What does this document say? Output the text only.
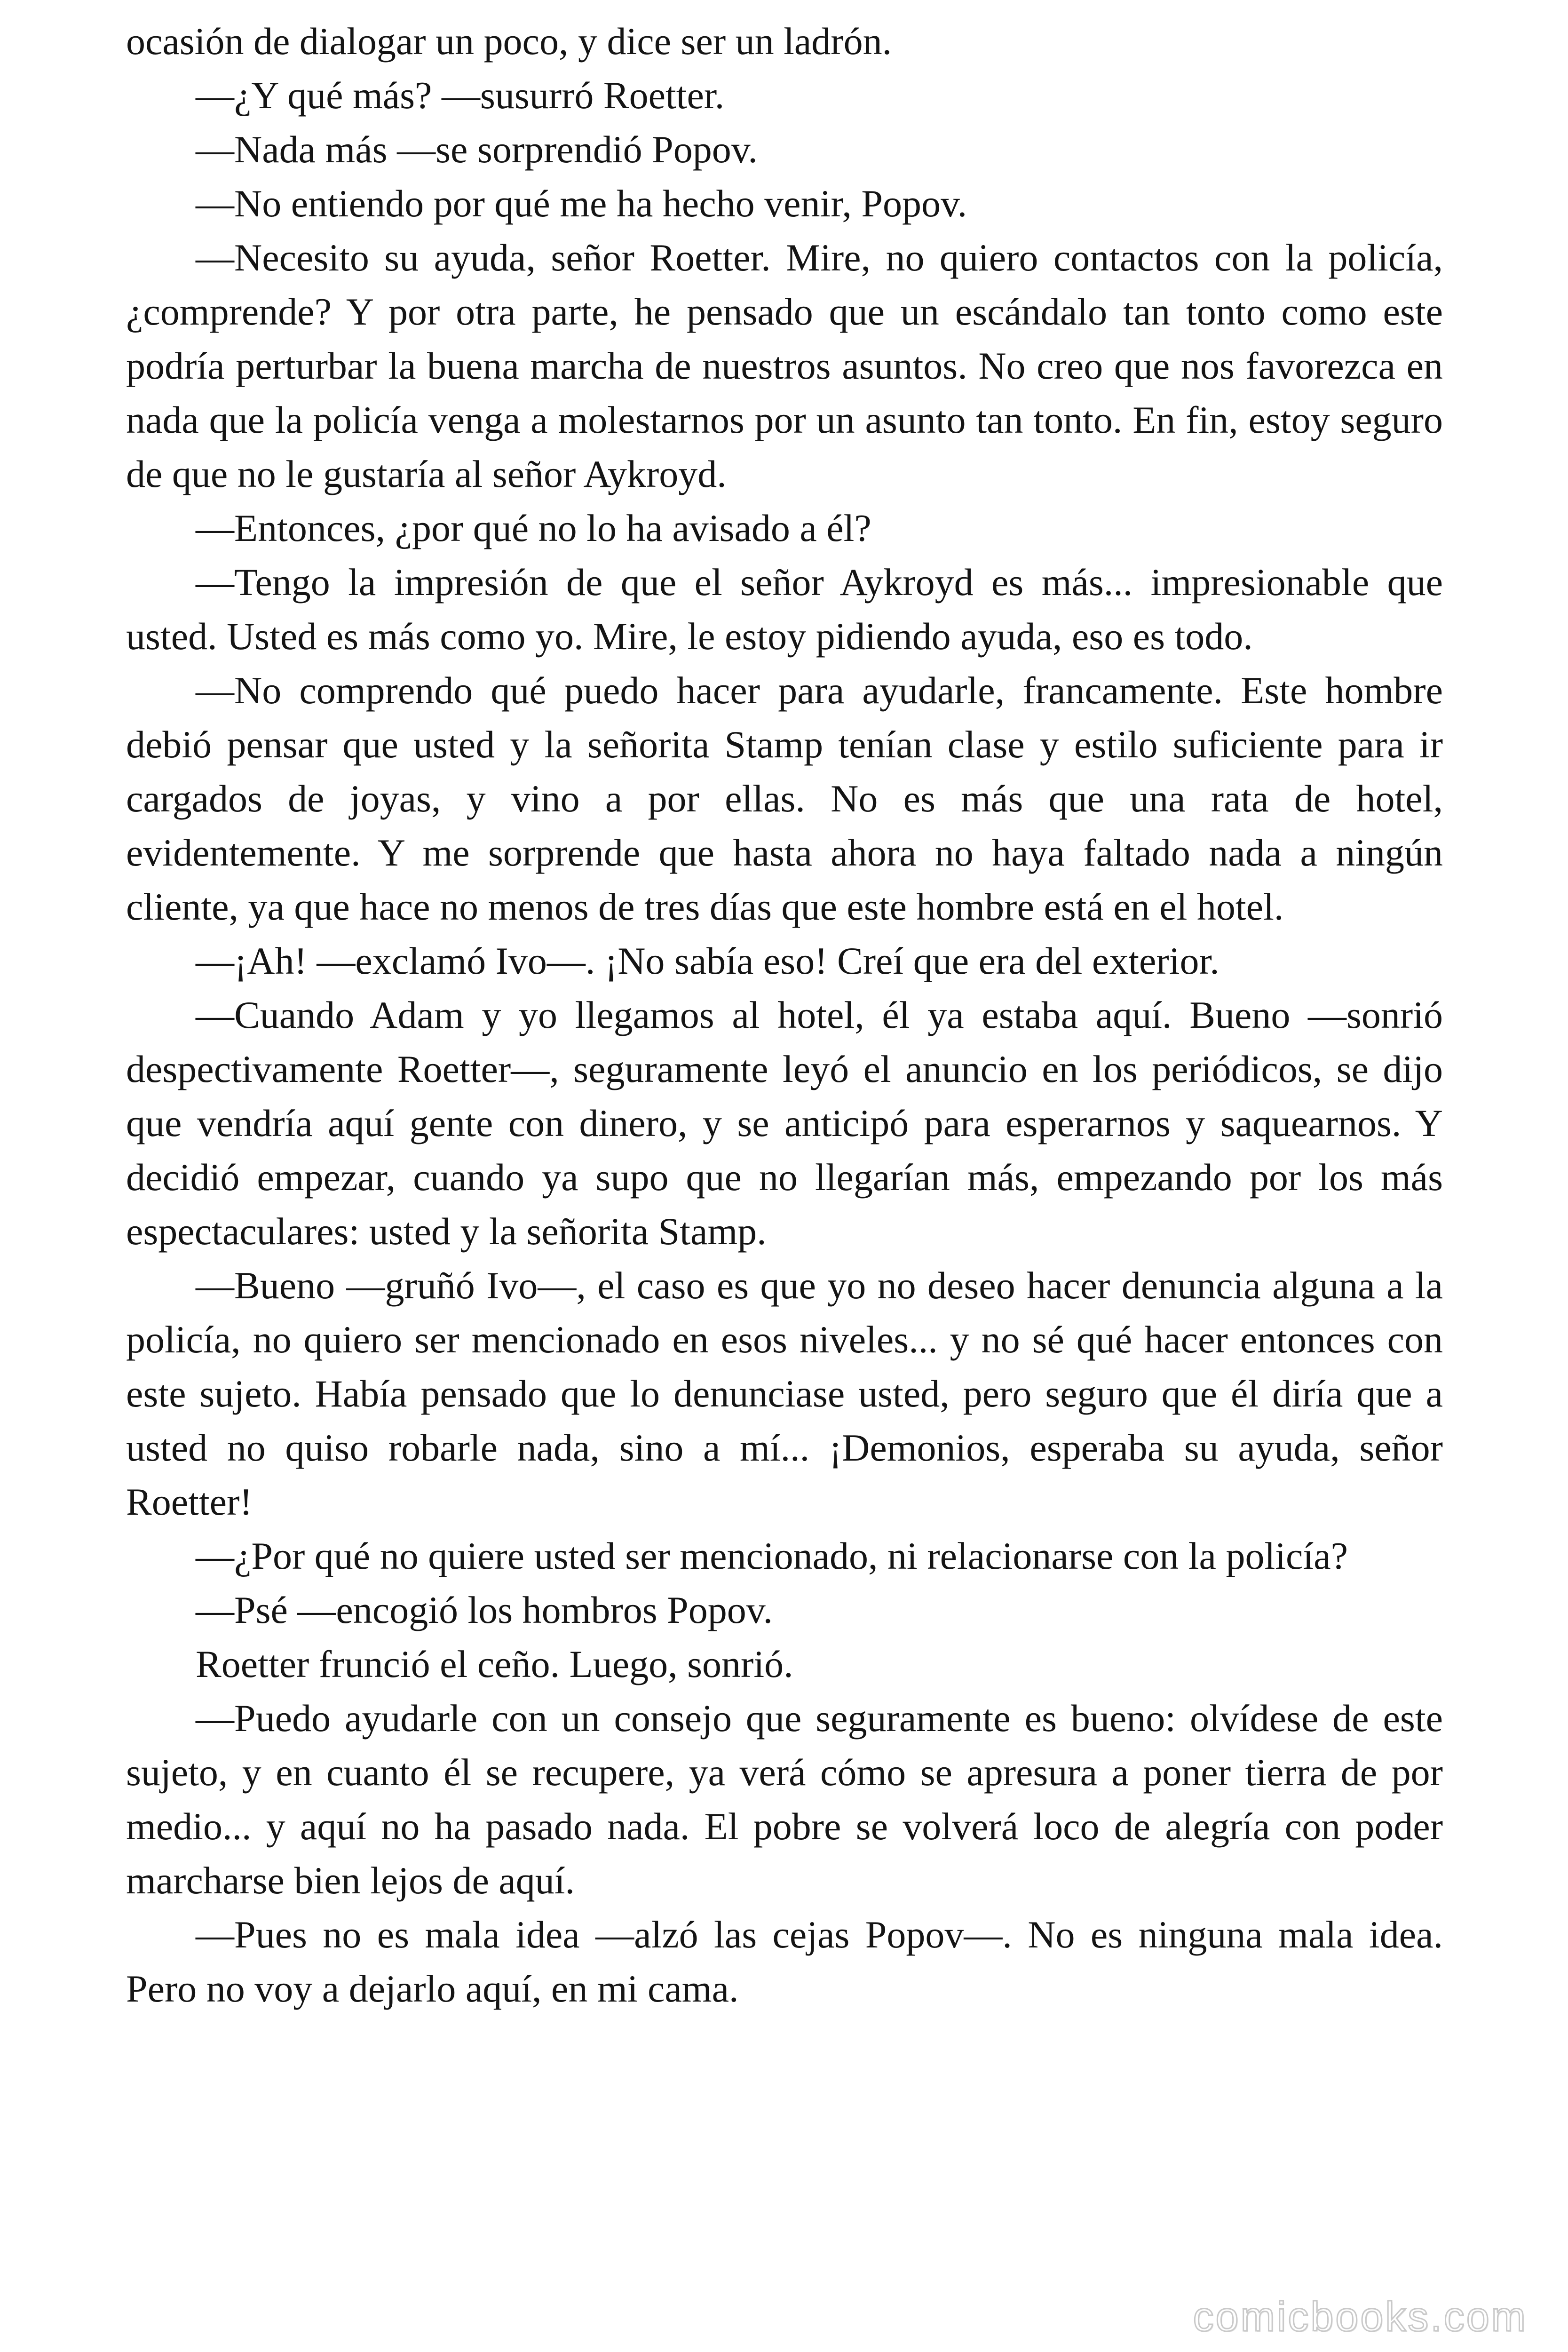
ocasión de dialogar un poco, y dice ser un ladrón.

—¿Y qué más? —susurró Roetter.

—Nada más —se sorprendió Popov.

—No entiendo por qué me ha hecho venir, Popov.

—Necesito su ayuda, señor Roetter. Mire, no quiero contactos con la policía, ¿comprende? Y por otra parte, he pensado que un escándalo tan tonto como este podría perturbar la buena marcha de nuestros asuntos. No creo que nos favorezca en nada que la policía venga a molestarnos por un asunto tan tonto. En fin, estoy seguro de que no le gustaría al señor Aykroyd.

—Entonces, ¿por qué no lo ha avisado a él?

—Tengo la impresión de que el señor Aykroyd es más... impresionable que usted. Usted es más como yo. Mire, le estoy pidiendo ayuda, eso es todo.

—No comprendo qué puedo hacer para ayudarle, francamente. Este hombre debió pensar que usted y la señorita Stamp tenían clase y estilo suficiente para ir cargados de joyas, y vino a por ellas. No es más que una rata de hotel, evidentemente. Y me sorprende que hasta ahora no haya faltado nada a ningún cliente, ya que hace no menos de tres días que este hombre está en el hotel.

—¡Ah! —exclamó Ivo—. ¡No sabía eso! Creí que era del exterior.

—Cuando Adam y yo llegamos al hotel, él ya estaba aquí. Bueno —sonrió despectivamente Roetter—, seguramente leyó el anuncio en los periódicos, se dijo que vendría aquí gente con dinero, y se anticipó para esperarnos y saquearnos. Y decidió empezar, cuando ya supo que no llegarían más, empezando por los más espectaculares: usted y la señorita Stamp.

—Bueno —gruñó Ivo—, el caso es que yo no deseo hacer denuncia alguna a la policía, no quiero ser mencionado en esos niveles... y no sé qué hacer entonces con este sujeto. Había pensado que lo denunciase usted, pero seguro que él diría que a usted no quiso robarle nada, sino a mí... ¡Demonios, esperaba su ayuda, señor Roetter!

—¿Por qué no quiere usted ser mencionado, ni relacionarse con la policía?

—Psé —encogió los hombros Popov.

Roetter frunció el ceño. Luego, sonrió.

—Puedo ayudarle con un consejo que seguramente es bueno: olvídese de este sujeto, y en cuanto él se recupere, ya verá cómo se apresura a poner tierra de por medio... y aquí no ha pasado nada. El pobre se volverá loco de alegría con poder marcharse bien lejos de aquí.

—Pues no es mala idea —alzó las cejas Popov—. No es ninguna mala idea. Pero no voy a dejarlo aquí, en mi cama.

comicbooks.com
